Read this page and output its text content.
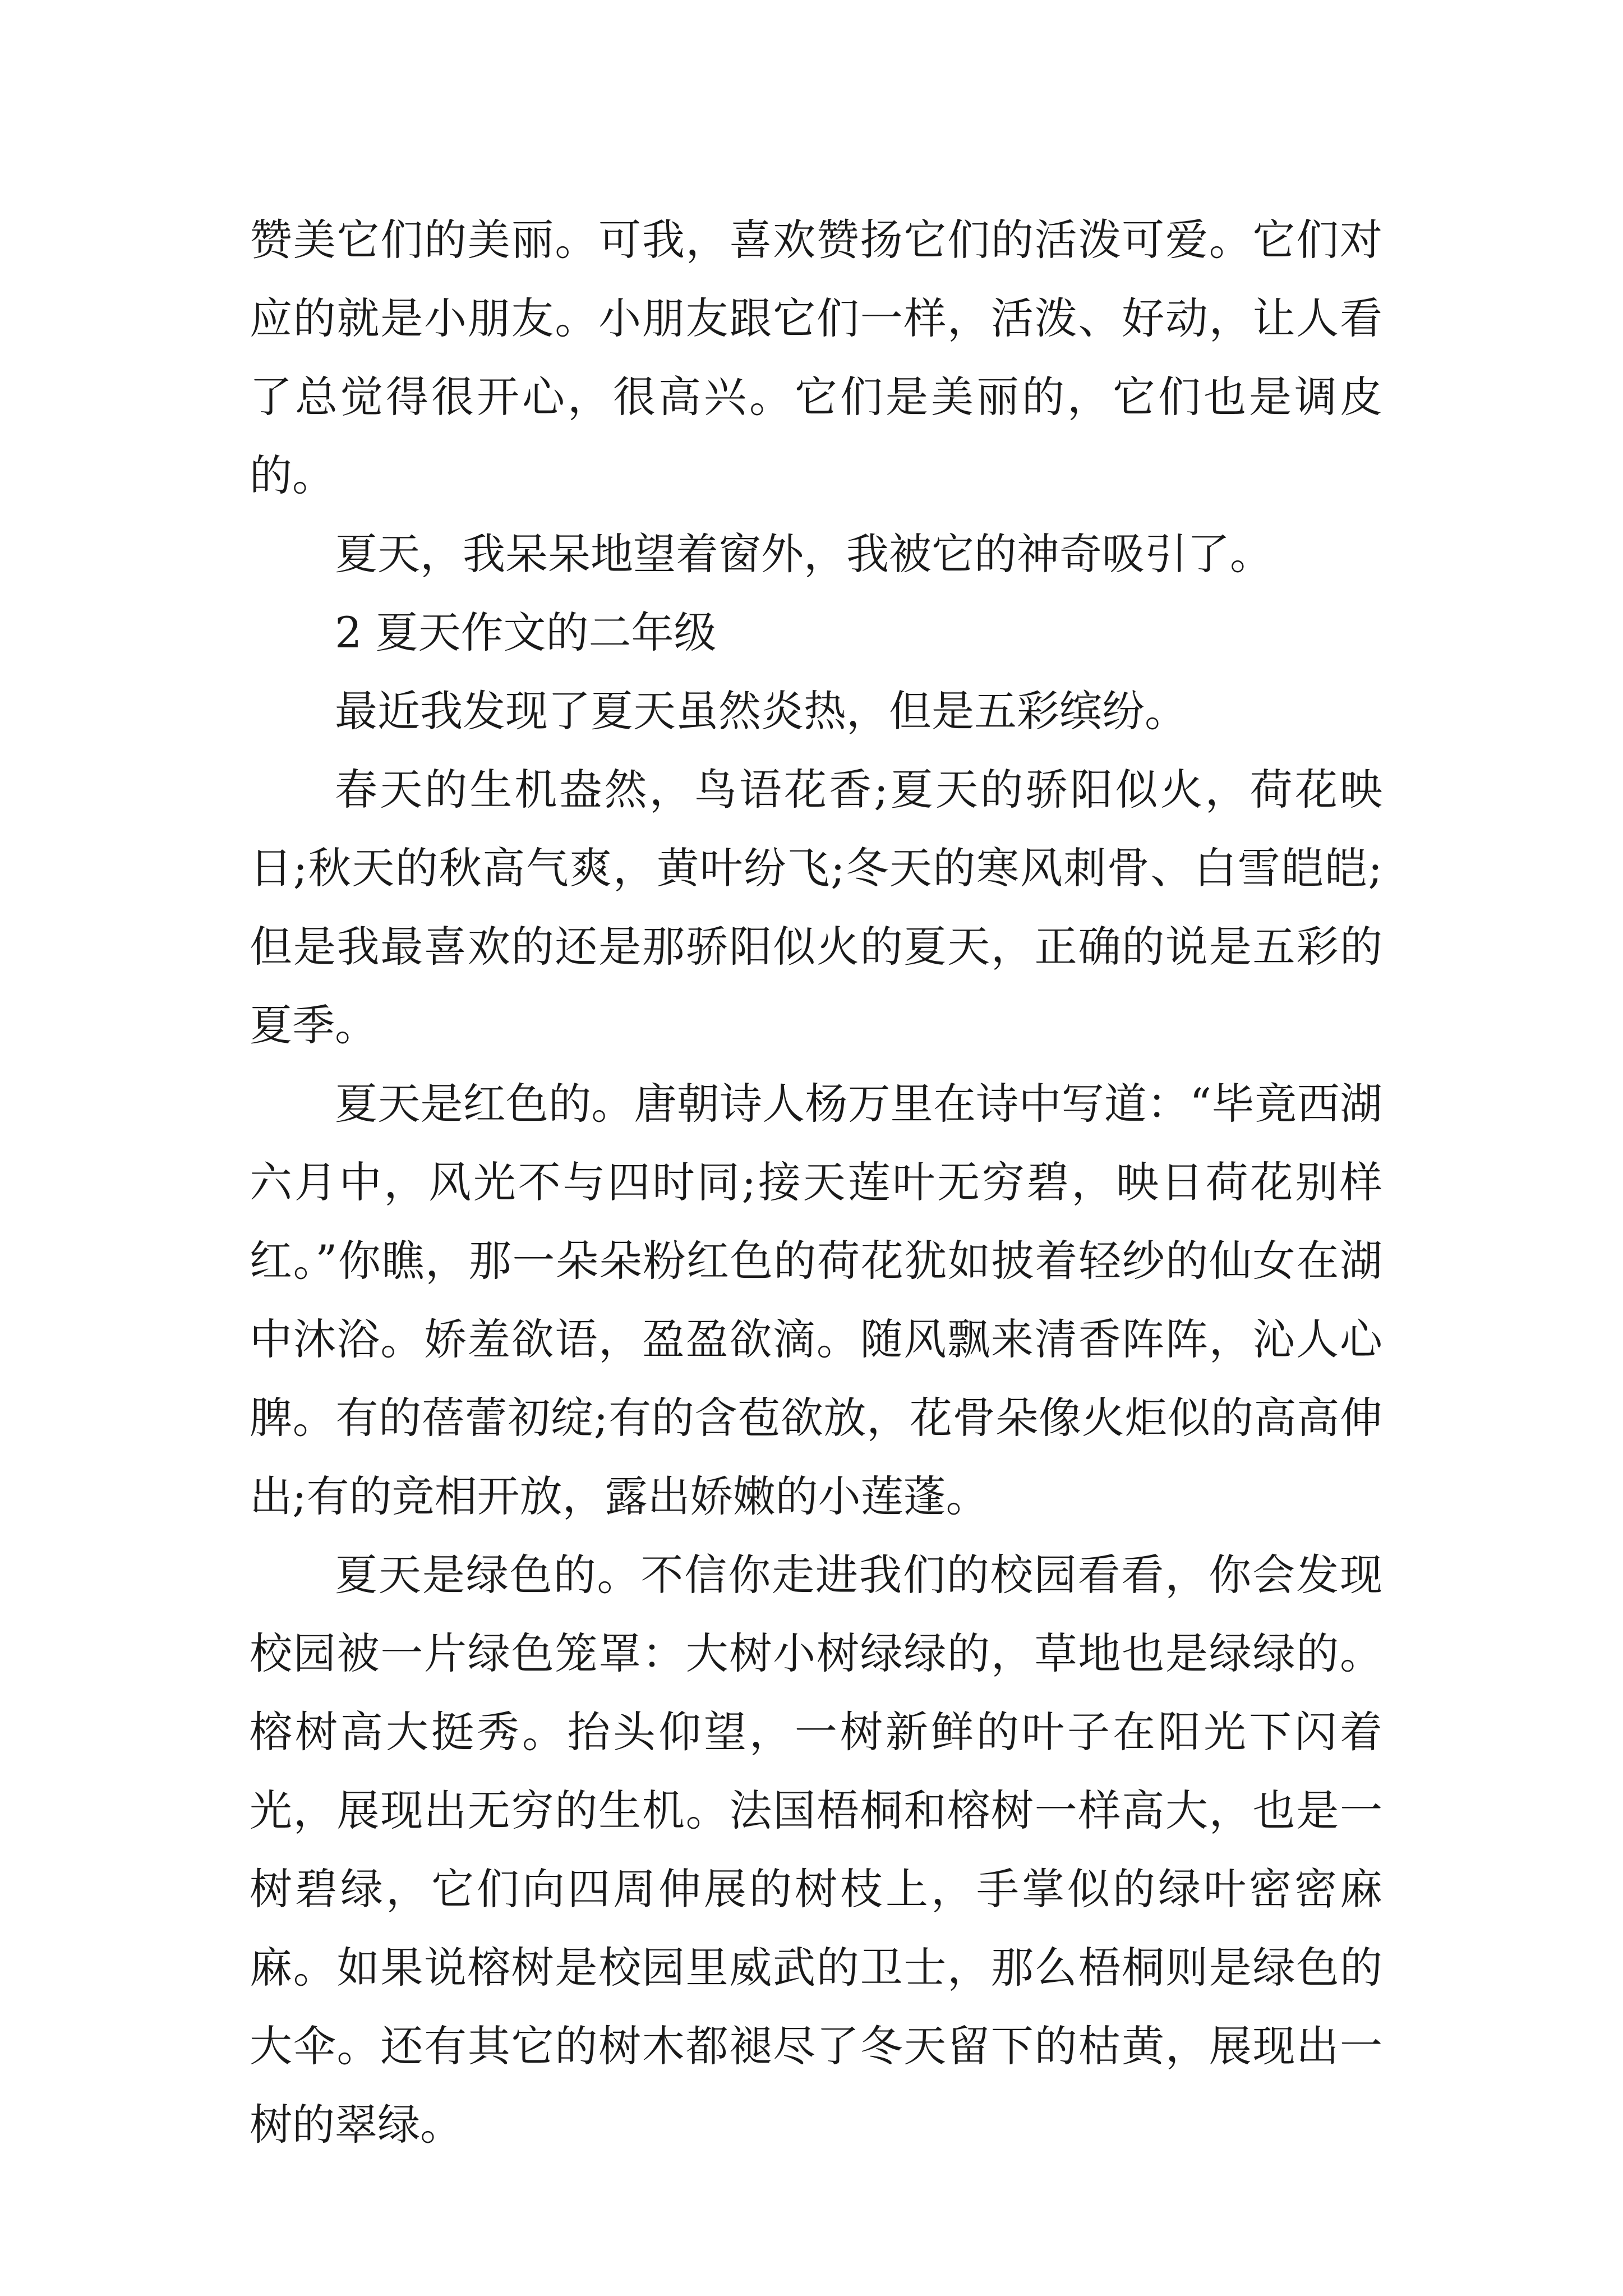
赞美它们的美丽。可我，喜欢赞扬它们的活泼可爱。它们对应的就是小朋友。小朋友跟它们一样，活泼、好动，让人看了总觉得很开心，很高兴。它们是美丽的，它们也是调皮的。

夏天，我呆呆地望着窗外，我被它的神奇吸引了。

2 夏天作文的二年级

最近我发现了夏天虽然炎热，但是五彩缤纷。

春天的生机盎然，鸟语花香;夏天的骄阳似火，荷花映日;秋天的秋高气爽，黄叶纷飞;冬天的寒风刺骨、白雪皑皑;但是我最喜欢的还是那骄阳似火的夏天，正确的说是五彩的夏季。

夏天是红色的。唐朝诗人杨万里在诗中写道：“毕竟西湖六月中，风光不与四时同;接天莲叶无穷碧，映日荷花别样红。”你瞧，那一朵朵粉红色的荷花犹如披着轻纱的仙女在湖中沐浴。娇羞欲语，盈盈欲滴。随风飘来清香阵阵，沁人心脾。有的蓓蕾初绽;有的含苞欲放，花骨朵像火炬似的高高伸出;有的竞相开放，露出娇嫩的小莲蓬。

夏天是绿色的。不信你走进我们的校园看看，你会发现校园被一片绿色笼罩：大树小树绿绿的，草地也是绿绿的。榕树高大挺秀。抬头仰望，一树新鲜的叶子在阳光下闪着光，展现出无穷的生机。法国梧桐和榕树一样高大，也是一树碧绿，它们向四周伸展的树枝上，手掌似的绿叶密密麻麻。如果说榕树是校园里威武的卫士，那么梧桐则是绿色的大伞。还有其它的树木都褪尽了冬天留下的枯黄，展现出一树的翠绿。
